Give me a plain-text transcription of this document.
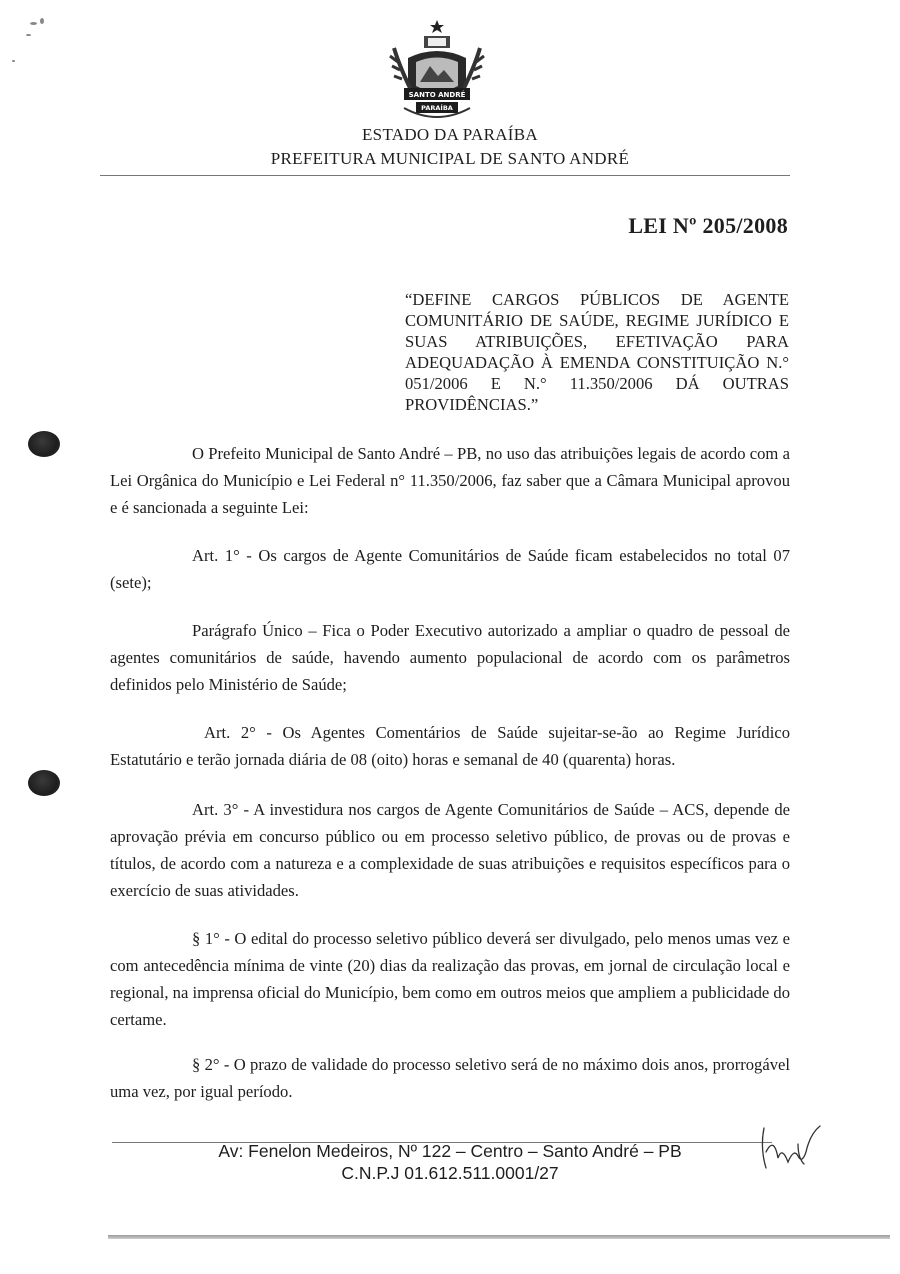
SANTO ANDRÉ
PARAÍBA
ESTADO DA PARAÍBA
PREFEITURA MUNICIPAL DE SANTO ANDRÉ
LEI Nº 205/2008
“DEFINE CARGOS PÚBLICOS DE AGENTE COMUNITÁRIO DE SAÚDE, REGIME JURÍDICO E SUAS ATRIBUIÇÕES, EFETIVAÇÃO PARA ADEQUADAÇÃO À EMENDA CONSTITUIÇÃO N.° 051/2006 E N.° 11.350/2006 DÁ OUTRAS PROVIDÊNCIAS.”
O Prefeito Municipal de Santo André – PB, no uso das atribuições legais de acordo com a Lei Orgânica do Município e Lei Federal n° 11.350/2006, faz saber que a Câmara Municipal aprovou e é sancionada a seguinte Lei:
Art. 1° - Os cargos de Agente Comunitários de Saúde ficam estabelecidos no total 07 (sete);
Parágrafo Único – Fica o Poder Executivo autorizado a ampliar o quadro de pessoal de agentes comunitários de saúde, havendo aumento populacional de acordo com os parâmetros definidos pelo Ministério de Saúde;
Art. 2° - Os Agentes Comentários de Saúde sujeitar-se-ão ao Regime Jurídico Estatutário e terão jornada diária de 08 (oito) horas e semanal de 40 (quarenta) horas.
Art. 3° - A investidura nos cargos de Agente Comunitários de Saúde – ACS, depende de aprovação prévia em concurso público ou em processo seletivo público, de provas ou de provas e títulos, de acordo com a natureza e a complexidade de suas atribuições e requisitos específicos para o exercício de suas atividades.
§ 1° - O edital do processo seletivo público deverá ser divulgado, pelo menos umas vez e com antecedência mínima de vinte (20) dias da realização das provas, em jornal de circulação local e regional, na imprensa oficial do Município, bem como em outros meios que ampliem a publicidade do certame.
§ 2° - O prazo de validade do processo seletivo será de no máximo dois anos, prorrogável uma vez, por igual período.
Av: Fenelon Medeiros, Nº 122 – Centro – Santo André – PB
C.N.P.J 01.612.511.0001/27
